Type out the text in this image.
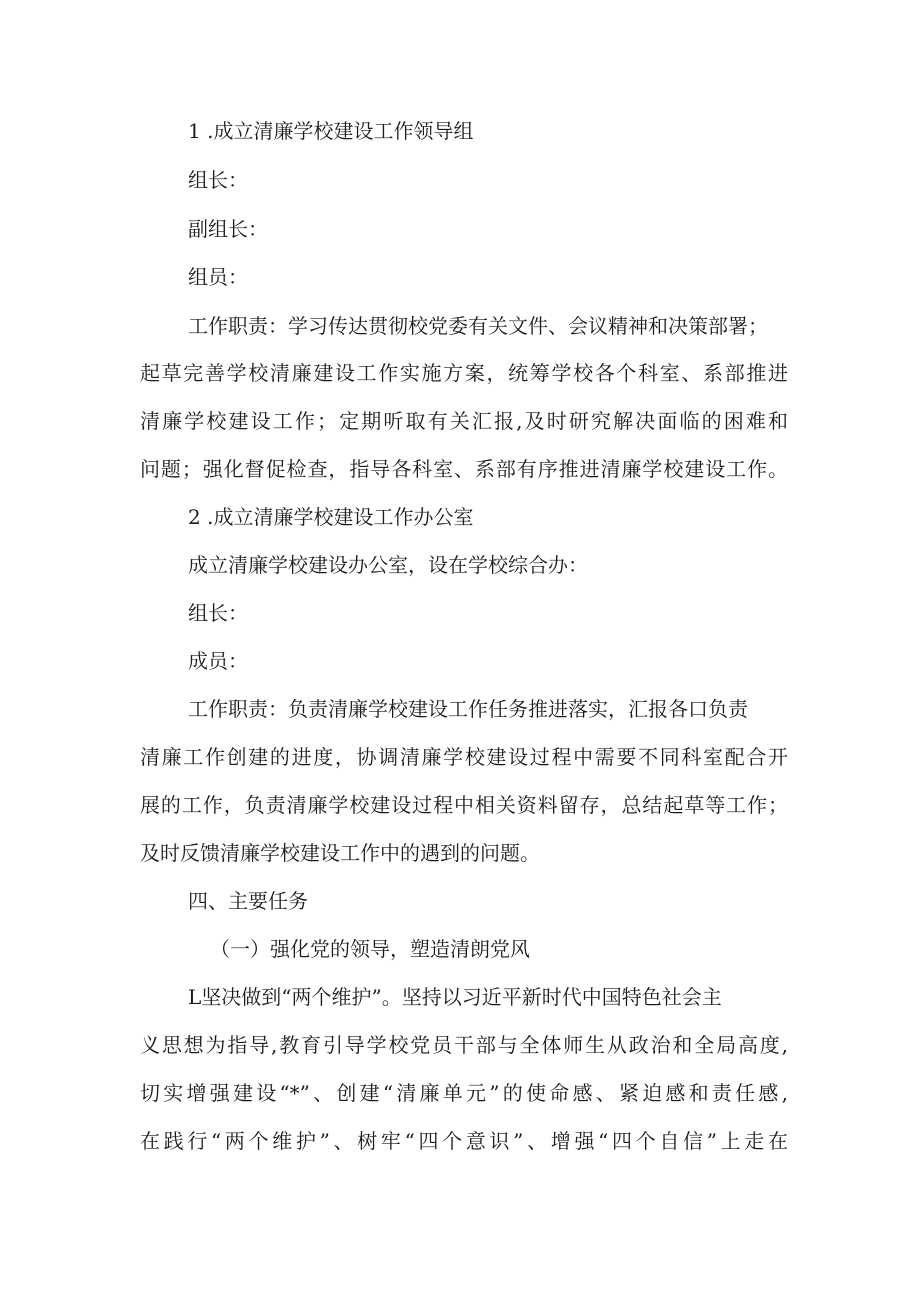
1 .成立清廉学校建设工作领导组
组长：
副组长：
组员：
工作职责：学习传达贯彻校党委有关文件、会议精神和决策部署；
起草完善学校清廉建设工作实施方案，统筹学校各个科室、系部推进
清廉学校建设工作；定期听取有关汇报,及时研究解决面临的困难和
问题；强化督促检查，指导各科室、系部有序推进清廉学校建设工作。
2 .成立清廉学校建设工作办公室
成立清廉学校建设办公室，设在学校综合办：
组长：
成员：
工作职责：负责清廉学校建设工作任务推进落实，汇报各口负责
清廉工作创建的进度，协调清廉学校建设过程中需要不同科室配合开
展的工作，负责清廉学校建设过程中相关资料留存，总结起草等工作；
及时反馈清廉学校建设工作中的遇到的问题。
四、主要任务
（一）强化党的领导，塑造清朗党风
L坚决做到“两个维护”。坚持以习近平新时代中国特色社会主
义思想为指导,教育引导学校党员干部与全体师生从政治和全局高度,
切实增强建设“*”、创建“清廉单元”的使命感、紧迫感和责任感,
在践行“两个维护”、树牢“四个意识”、增强“四个自信”上走在
